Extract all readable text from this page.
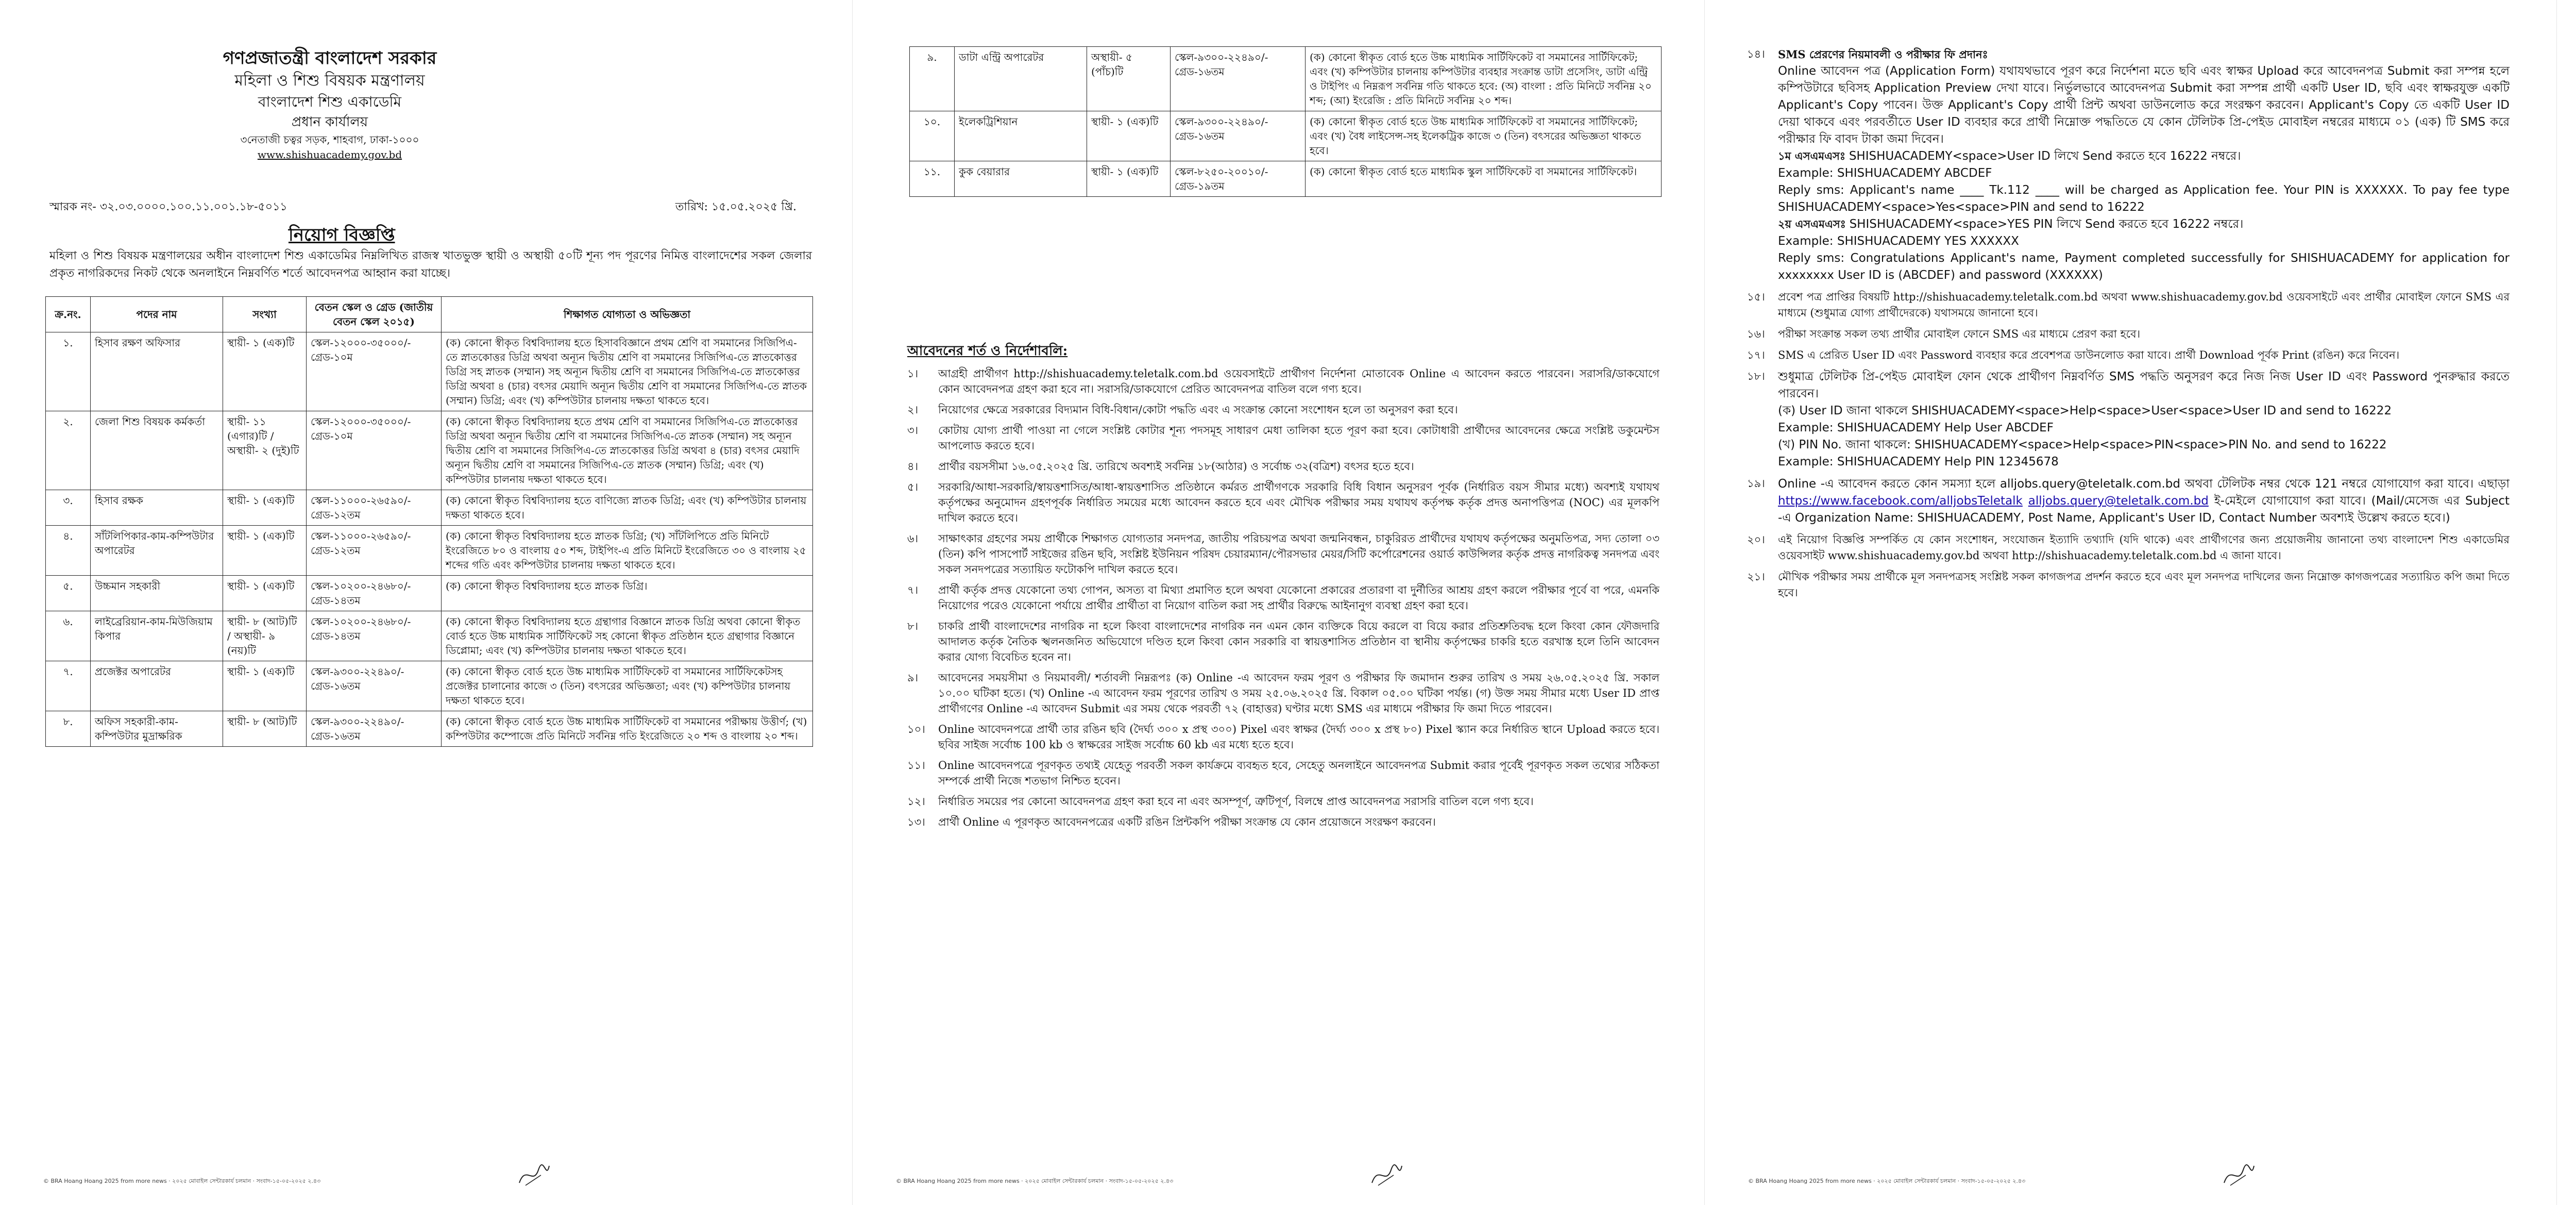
গণপ্রজাতন্ত্রী বাংলাদেশ সরকার
মহিলা ও শিশু বিষয়ক মন্ত্রণালয়
বাংলাদেশ শিশু একাডেমি
প্রধান কার্যালয়
৩নেতাজী চত্বর সড়ক, শাহবাগ, ঢাকা-১০০০
www.shishuacademy.gov.bd
স্মারক নং- ৩২.০৩.০০০০.১০০.১১.০০১.১৮-৫০১১	তারিখ: ১৫.০৫.২০২৫ খ্রি.
নিয়োগ বিজ্ঞপ্তি
মহিলা ও শিশু বিষয়ক মন্ত্রণালয়ের অধীন বাংলাদেশ শিশু একাডেমির নিম্নলিখিত রাজস্ব খাতভুক্ত স্থায়ী ও অস্থায়ী ৫০টি শূন্য পদ পূরণের নিমিত্ত বাংলাদেশের সকল জেলার প্রকৃত নাগরিকদের নিকট থেকে অনলাইনে নিম্নবর্ণিত শর্তে আবেদনপত্র আহ্বান করা যাচ্ছে।
ক্র.নং.	পদের নাম	সংখ্যা	বেতন স্কেল ও গ্রেড (জাতীয় বেতন স্কেল ২০১৫)	শিক্ষাগত যোগ্যতা ও অভিজ্ঞতা
১.	হিসাব রক্ষণ অফিসার	স্থায়ী- ১ (এক)টি	স্কেল-১২০০০-৩৫০০০/- গ্রেড-১০ম	(ক) কোনো স্বীকৃত বিশ্ববিদ্যালয় হতে হিসাববিজ্ঞানে প্রথম শ্রেণি বা সমমানের সিজিপিএ-তে স্নাতকোত্তর ডিগ্রি অথবা অন্যূন দ্বিতীয় শ্রেণি বা সমমানের সিজিপিএ-তে স্নাতকোত্তর ডিগ্রি সহ স্নাতক (সম্মান) সহ অন্যূন দ্বিতীয় শ্রেণি বা সমমানের সিজিপিএ-তে স্নাতকোত্তর ডিগ্রি অথবা ৪ (চার) বৎসর মেয়াদি অন্যূন দ্বিতীয় শ্রেণি বা সমমানের সিজিপিএ-তে স্নাতক (সম্মান) ডিগ্রি; এবং (খ) কম্পিউটার চালনায় দক্ষতা থাকতে হবে।
২.	জেলা শিশু বিষয়ক কর্মকর্তা	স্থায়ী- ১১ (এগার)টি / অস্থায়ী- ২ (দুই)টি	স্কেল-১২০০০-৩৫০০০/- গ্রেড-১০ম	(ক) কোনো স্বীকৃত বিশ্ববিদ্যালয় হতে প্রথম শ্রেণি বা সমমানের সিজিপিএ-তে স্নাতকোত্তর ডিগ্রি অথবা অন্যূন দ্বিতীয় শ্রেণি বা সমমানের সিজিপিএ-তে স্নাতক (সম্মান) সহ অন্যূন দ্বিতীয় শ্রেণি বা সমমানের সিজিপিএ-তে স্নাতকোত্তর ডিগ্রি অথবা ৪ (চার) বৎসর মেয়াদি অন্যূন দ্বিতীয় শ্রেণি বা সমমানের সিজিপিএ-তে স্নাতক (সম্মান) ডিগ্রি; এবং (খ) কম্পিউটার চালনায় দক্ষতা থাকতে হবে।
৩.	হিসাব রক্ষক	স্থায়ী- ১ (এক)টি	স্কেল-১১০০০-২৬৫৯০/- গ্রেড-১২তম	(ক) কোনো স্বীকৃত বিশ্ববিদ্যালয় হতে বাণিজ্যে স্নাতক ডিগ্রি; এবং (খ) কম্পিউটার চালনায় দক্ষতা থাকতে হবে।
৪.	সাঁটলিপিকার-কাম-কম্পিউটার অপারেটর	স্থায়ী- ১ (এক)টি	স্কেল-১১০০০-২৬৫৯০/- গ্রেড-১২তম	(ক) কোনো স্বীকৃত বিশ্ববিদ্যালয় হতে স্নাতক ডিগ্রি; (খ) সাঁটলিপিতে প্রতি মিনিটে ইংরেজিতে ৮০ ও বাংলায় ৫০ শব্দ, টাইপিং-এ প্রতি মিনিটে ইংরেজিতে ৩০ ও বাংলায় ২৫ শব্দের গতি এবং কম্পিউটার চালনায় দক্ষতা থাকতে হবে।
৫.	উচ্চমান সহকারী	স্থায়ী- ১ (এক)টি	স্কেল-১০২০০-২৪৬৮০/- গ্রেড-১৪তম	(ক) কোনো স্বীকৃত বিশ্ববিদ্যালয় হতে স্নাতক ডিগ্রি।
৬.	লাইব্রেরিয়ান-কাম-মিউজিয়াম কিপার	স্থায়ী- ৮ (আট)টি / অস্থায়ী- ৯ (নয়)টি	স্কেল-১০২০০-২৪৬৮০/- গ্রেড-১৪তম	(ক) কোনো স্বীকৃত বিশ্ববিদ্যালয় হতে গ্রন্থাগার বিজ্ঞানে স্নাতক ডিগ্রি অথবা কোনো স্বীকৃত বোর্ড হতে উচ্চ মাধ্যমিক সার্টিফিকেট সহ কোনো স্বীকৃত প্রতিষ্ঠান হতে গ্রন্থাগার বিজ্ঞানে ডিপ্লোমা; এবং (খ) কম্পিউটার চালনায় দক্ষতা থাকতে হবে।
৭.	প্রজেক্টর অপারেটর	স্থায়ী- ১ (এক)টি	স্কেল-৯৩০০-২২৪৯০/- গ্রেড-১৬তম	(ক) কোনো স্বীকৃত বোর্ড হতে উচ্চ মাধ্যমিক সার্টিফিকেট বা সমমানের সার্টিফিকেটসহ প্রজেক্টর চালানোর কাজে ৩ (তিন) বৎসরের অভিজ্ঞতা; এবং (খ) কম্পিউটার চালনায় দক্ষতা থাকতে হবে।
৮.	অফিস সহকারী-কাম-কম্পিউটার মুদ্রাক্ষরিক	স্থায়ী- ৮ (আট)টি	স্কেল-৯৩০০-২২৪৯০/- গ্রেড-১৬তম	(ক) কোনো স্বীকৃত বোর্ড হতে উচ্চ মাধ্যমিক সার্টিফিকেট বা সমমানের পরীক্ষায় উত্তীর্ণ; (খ) কম্পিউটার কম্পোজে প্রতি মিনিটে সর্বনিম্ন গতি ইংরেজিতে ২০ শব্দ ও বাংলায় ২০ শব্দ।
© BRA Hoang Hoang 2025 from more news · ২০২৫ মোবাইল সেন্টারকার্য চলমান · সংবাদ-১৫-০৫-২০২৫ ২.৪৩
৯.	ডাটা এন্ট্রি অপারেটর	অস্থায়ী- ৫ (পাঁচ)টি	স্কেল-৯৩০০-২২৪৯০/- গ্রেড-১৬তম	(ক) কোনো স্বীকৃত বোর্ড হতে উচ্চ মাধ্যমিক সার্টিফিকেট বা সমমানের সার্টিফিকেট; এবং (খ) কম্পিউটার চালনায় কম্পিউটার ব্যবহার সংক্রান্ত ডাটা প্রসেসিং, ডাটা এন্ট্রি ও টাইপিং এ নিম্নরূপ সর্বনিম্ন গতি থাকতে হবে: (অ) বাংলা : প্রতি মিনিটে সর্বনিম্ন ২০ শব্দ; (আ) ইংরেজি : প্রতি মিনিটে সর্বনিম্ন ২০ শব্দ।
১০.	ইলেকট্রিশিয়ান	স্থায়ী- ১ (এক)টি	স্কেল-৯৩০০-২২৪৯০/- গ্রেড-১৬তম	(ক) কোনো স্বীকৃত বোর্ড হতে উচ্চ মাধ্যমিক সার্টিফিকেট বা সমমানের সার্টিফিকেট; এবং (খ) বৈধ লাইসেন্স-সহ ইলেকট্রিক কাজে ৩ (তিন) বৎসরের অভিজ্ঞতা থাকতে হবে।
১১.	কুক বেয়ারার	স্থায়ী- ১ (এক)টি	স্কেল-৮২৫০-২০০১০/- গ্রেড-১৯তম	(ক) কোনো স্বীকৃত বোর্ড হতে মাধ্যমিক স্কুল সার্টিফিকেট বা সমমানের সার্টিফিকেট।
আবেদনের শর্ত ও নির্দেশাবলি:
১।	আগ্রহী প্রার্থীগণ http://shishuacademy.teletalk.com.bd ওয়েবসাইটে প্রার্থীগণ নির্দেশনা মোতাবেক Online এ আবেদন করতে পারবেন। সরাসরি/ডাকযোগে কোন আবেদনপত্র গ্রহণ করা হবে না। সরাসরি/ডাকযোগে প্রেরিত আবেদনপত্র বাতিল বলে গণ্য হবে।
২।	নিয়োগের ক্ষেত্রে সরকারের বিদ্যমান বিধি-বিধান/কোটা পদ্ধতি এবং এ সংক্রান্ত কোনো সংশোধন হলে তা অনুসরণ করা হবে।
৩।	কোটায় যোগ্য প্রার্থী পাওয়া না গেলে সংশ্লিষ্ট কোটার শূন্য পদসমূহ সাধারণ মেধা তালিকা হতে পূরণ করা হবে। কোটাধারী প্রার্থীদের আবেদনের ক্ষেত্রে সংশ্লিষ্ট ডকুমেন্টস আপলোড করতে হবে।
৪।	প্রার্থীর বয়সসীমা ১৬.০৫.২০২৫ খ্রি. তারিখে অবশ্যই সর্বনিম্ন ১৮(আঠার) ও সর্বোচ্চ ৩২(বত্রিশ) বৎসর হতে হবে।
৫।	সরকারি/আধা-সরকারি/স্বায়ত্তশাসিত/আধা-স্বায়ত্তশাসিত প্রতিষ্ঠানে কর্মরত প্রার্থীগণকে সরকারি বিধি বিধান অনুসরণ পূর্বক (নির্ধারিত বয়স সীমার মধ্যে) অবশ্যই যথাযথ কর্তৃপক্ষের অনুমোদন গ্রহণপূর্বক নির্ধারিত সময়ের মধ্যে আবেদন করতে হবে এবং মৌখিক পরীক্ষার সময় যথাযথ কর্তৃপক্ষ কর্তৃক প্রদত্ত অনাপত্তিপত্র (NOC) এর মূলকপি দাখিল করতে হবে।
৬।	সাক্ষাৎকার গ্রহণের সময় প্রার্থীকে শিক্ষাগত যোগ্যতার সনদপত্র, জাতীয় পরিচয়পত্র অথবা জন্মনিবন্ধন, চাকুরিরত প্রার্থীদের যথাযথ কর্তৃপক্ষের অনুমতিপত্র, সদ্য তোলা ০৩ (তিন) কপি পাসপোর্ট সাইজের রঙিন ছবি, সংশ্লিষ্ট ইউনিয়ন পরিষদ চেয়ারম্যান/পৌরসভার মেয়র/সিটি কর্পোরেশনের ওয়ার্ড কাউন্সিলর কর্তৃক প্রদত্ত নাগরিকত্ব সনদপত্র এবং সকল সনদপত্রের সত্যায়িত ফটোকপি দাখিল করতে হবে।
৭।	প্রার্থী কর্তৃক প্রদত্ত যেকোনো তথ্য গোপন, অসত্য বা মিথ্যা প্রমাণিত হলে অথবা যেকোনো প্রকারের প্রতারণা বা দুর্নীতির আশ্রয় গ্রহণ করলে পরীক্ষার পূর্বে বা পরে, এমনকি নিয়োগের পরেও যেকোনো পর্যায়ে প্রার্থীর প্রার্থীতা বা নিয়োগ বাতিল করা সহ প্রার্থীর বিরুদ্ধে আইনানুগ ব্যবস্থা গ্রহণ করা হবে।
৮।	চাকরি প্রার্থী বাংলাদেশের নাগরিক না হলে কিংবা বাংলাদেশের নাগরিক নন এমন কোন ব্যক্তিকে বিয়ে করলে বা বিয়ে করার প্রতিশ্রুতিবদ্ধ হলে কিংবা কোন ফৌজদারি আদালত কর্তৃক নৈতিক স্খলনজনিত অভিযোগে দণ্ডিত হলে কিংবা কোন সরকারি বা স্বায়ত্তশাসিত প্রতিষ্ঠান বা স্থানীয় কর্তৃপক্ষের চাকরি হতে বরখাস্ত হলে তিনি আবেদন করার যোগ্য বিবেচিত হবেন না।
৯।	আবেদনের সময়সীমা ও নিয়মাবলী/ শর্তাবলী নিম্নরূপঃ (ক) Online -এ আবেদন ফরম পূরণ ও পরীক্ষার ফি জমাদান শুরুর তারিখ ও সময় ২৬.০৫.২০২৫ খ্রি. সকাল ১০.০০ ঘটিকা হতে। (খ) Online -এ আবেদন ফরম পূরণের তারিখ ও সময় ২৫.০৬.২০২৫ খ্রি. বিকাল ০৫.০০ ঘটিকা পর্যন্ত। (গ) উক্ত সময় সীমার মধ্যে User ID প্রাপ্ত প্রার্থীগণের Online -এ আবেদন Submit এর সময় থেকে পরবর্তী ৭২ (বাহাত্তর) ঘণ্টার মধ্যে SMS এর মাধ্যমে পরীক্ষার ফি জমা দিতে পারবেন।
১০।	Online আবেদনপত্রে প্রার্থী তার রঙিন ছবি (দৈর্ঘ্য ৩০০ x প্রস্থ ৩০০) Pixel এবং স্বাক্ষর (দৈর্ঘ্য ৩০০ x প্রস্থ ৮০) Pixel স্ক্যান করে নির্ধারিত স্থানে Upload করতে হবে। ছবির সাইজ সর্বোচ্চ 100 kb ও স্বাক্ষরের সাইজ সর্বোচ্চ 60 kb এর মধ্যে হতে হবে।
১১।	Online আবেদনপত্রে পূরণকৃত তথ্যই যেহেতু পরবর্তী সকল কার্যক্রমে ব্যবহৃত হবে, সেহেতু অনলাইনে আবেদনপত্র Submit করার পূর্বেই পূরণকৃত সকল তথ্যের সঠিকতা সম্পর্কে প্রার্থী নিজে শতভাগ নিশ্চিত হবেন।
১২।	নির্ধারিত সময়ের পর কোনো আবেদনপত্র গ্রহণ করা হবে না এবং অসম্পূর্ণ, ত্রুটিপূর্ণ, বিলম্বে প্রাপ্ত আবেদনপত্র সরাসরি বাতিল বলে গণ্য হবে।
১৩।	প্রার্থী Online এ পূরণকৃত আবেদনপত্রের একটি রঙিন প্রিন্টকপি পরীক্ষা সংক্রান্ত যে কোন প্রয়োজনে সংরক্ষণ করবেন।
© BRA Hoang Hoang 2025 from more news · ২০২৫ মোবাইল সেন্টারকার্য চলমান · সংবাদ-১৫-০৫-২০২৫ ২.৪৩
১৪।	SMS প্রেরণের নিয়মাবলী ও পরীক্ষার ফি প্রদানঃ
Online আবেদন পত্র (Application Form) যথাযথভাবে পূরণ করে নির্দেশনা মতে ছবি এবং স্বাক্ষর Upload করে আবেদনপত্র Submit করা সম্পন্ন হলে কম্পিউটারে ছবিসহ Application Preview দেখা যাবে। নির্ভুলভাবে আবেদনপত্র Submit করা সম্পন্ন প্রার্থী একটি User ID, ছবি এবং স্বাক্ষরযুক্ত একটি Applicant's Copy পাবেন। উক্ত Applicant's Copy প্রার্থী প্রিন্ট অথবা ডাউনলোড করে সংরক্ষণ করবেন। Applicant's Copy তে একটি User ID দেয়া থাকবে এবং পরবর্তীতে User ID ব্যবহার করে প্রার্থী নিম্নোক্ত পদ্ধতিতে যে কোন টেলিটক প্রি-পেইড মোবাইল নম্বরের মাধ্যমে ০১ (এক) টি SMS করে পরীক্ষার ফি বাবদ টাকা জমা দিবেন।
১ম এসএমএসঃ SHISHUACADEMY<space>User ID লিখে Send করতে হবে 16222 নম্বরে।
Example: SHISHUACADEMY ABCDEF
Reply sms: Applicant's name ____ Tk.112 ____ will be charged as Application fee. Your PIN is XXXXXX. To pay fee type SHISHUACADEMY<space>Yes<space>PIN and send to 16222
২য় এসএমএসঃ SHISHUACADEMY<space>YES PIN লিখে Send করতে হবে 16222 নম্বরে।
Example: SHISHUACADEMY YES XXXXXX
Reply sms: Congratulations Applicant's name, Payment completed successfully for SHISHUACADEMY for application for xxxxxxxx User ID is (ABCDEF) and password (XXXXXX)
১৫।	প্রবেশ পত্র প্রাপ্তির বিষয়টি http://shishuacademy.teletalk.com.bd অথবা www.shishuacademy.gov.bd ওয়েবসাইটে এবং প্রার্থীর মোবাইল ফোনে SMS এর মাধ্যমে (শুধুমাত্র যোগ্য প্রার্থীদেরকে) যথাসময়ে জানানো হবে।
১৬।	পরীক্ষা সংক্রান্ত সকল তথ্য প্রার্থীর মোবাইল ফোনে SMS এর মাধ্যমে প্রেরণ করা হবে।
১৭।	SMS এ প্রেরিত User ID এবং Password ব্যবহার করে প্রবেশপত্র ডাউনলোড করা যাবে। প্রার্থী Download পূর্বক Print (রঙিন) করে নিবেন।
১৮।	শুধুমাত্র টেলিটক প্রি-পেইড মোবাইল ফোন থেকে প্রার্থীগণ নিম্নবর্ণিত SMS পদ্ধতি অনুসরণ করে নিজ নিজ User ID এবং Password পুনরুদ্ধার করতে পারবেন।
(ক) User ID জানা থাকলে SHISHUACADEMY<space>Help<space>User<space>User ID and send to 16222
Example: SHISHUACADEMY Help User ABCDEF
(খ) PIN No. জানা থাকলে: SHISHUACADEMY<space>Help<space>PIN<space>PIN No. and send to 16222
Example: SHISHUACADEMY Help PIN 12345678
১৯।	Online -এ আবেদন করতে কোন সমস্যা হলে alljobs.query@teletalk.com.bd অথবা টেলিটক নম্বর থেকে 121 নম্বরে যোগাযোগ করা যাবে। এছাড়া https://www.facebook.com/alljobsTeletalk alljobs.query@teletalk.com.bd ই-মেইলে যোগাযোগ করা যাবে। (Mail/মেসেজ এর Subject -এ Organization Name: SHISHUACADEMY, Post Name, Applicant's User ID, Contact Number অবশ্যই উল্লেখ করতে হবে।)
২০।	এই নিয়োগ বিজ্ঞপ্তি সম্পর্কিত যে কোন সংশোধন, সংযোজন ইত্যাদি তথ্যাদি (যদি থাকে) এবং প্রার্থীগণের জন্য প্রয়োজনীয় জানানো তথ্য বাংলাদেশ শিশু একাডেমির ওয়েবসাইট www.shishuacademy.gov.bd অথবা http://shishuacademy.teletalk.com.bd এ জানা যাবে।
২১।	মৌখিক পরীক্ষার সময় প্রার্থীকে মূল সনদপত্রসহ সংশ্লিষ্ট সকল কাগজপত্র প্রদর্শন করতে হবে এবং মূল সনদপত্র দাখিলের জন্য নিম্নোক্ত কাগজপত্রের সত্যায়িত কপি জমা দিতে হবে।
© BRA Hoang Hoang 2025 from more news · ২০২৫ মোবাইল সেন্টারকার্য চলমান · সংবাদ-১৫-০৫-২০২৫ ২.৪৩
